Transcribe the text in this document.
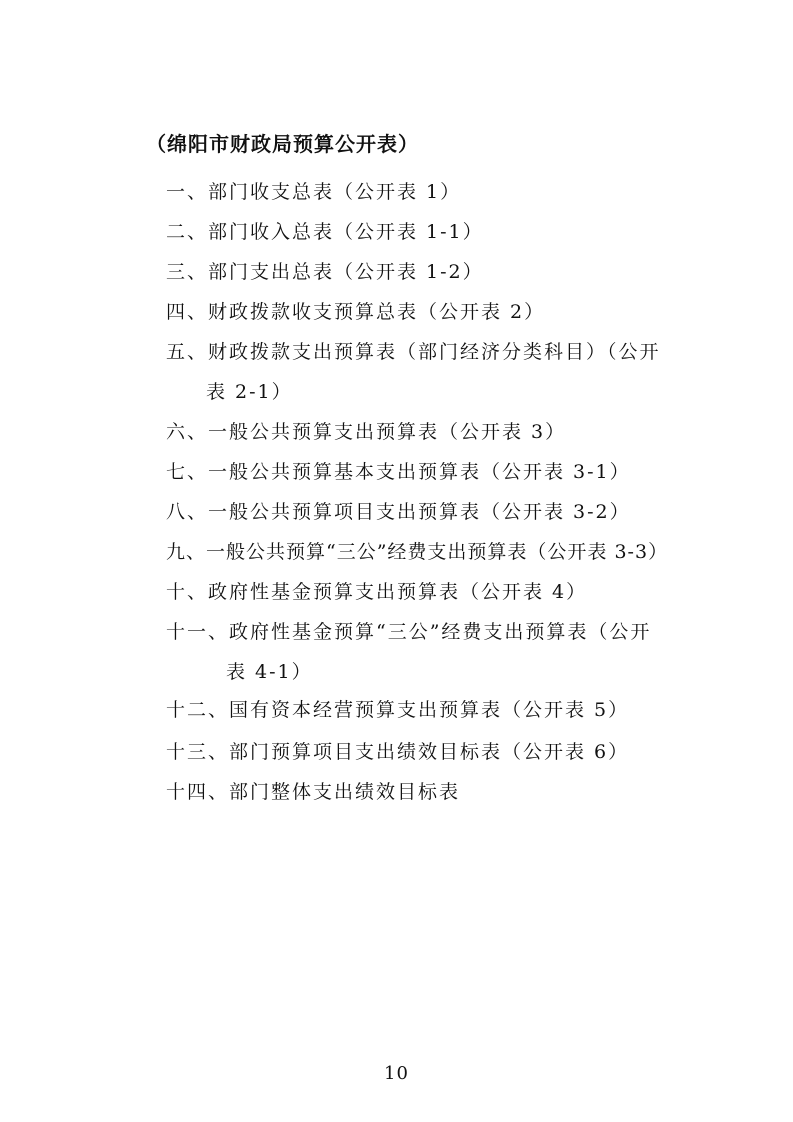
（绵阳市财政局预算公开表）
一、部门收支总表（公开表 1）
二、部门收入总表（公开表 1-1）
三、部门支出总表（公开表 1-2）
四、财政拨款收支预算总表（公开表 2）
五、财政拨款支出预算表（部门经济分类科目）（公开
表 2-1）
六、一般公共预算支出预算表（公开表 3）
七、一般公共预算基本支出预算表（公开表 3-1）
八、一般公共预算项目支出预算表（公开表 3-2）
九、一般公共预算“三公”经费支出预算表（公开表 3-3）
十、政府性基金预算支出预算表（公开表 4）
十一、政府性基金预算“三公”经费支出预算表（公开
表 4-1）
十二、国有资本经营预算支出预算表（公开表 5）
十三、部门预算项目支出绩效目标表（公开表 6）
十四、部门整体支出绩效目标表
10
